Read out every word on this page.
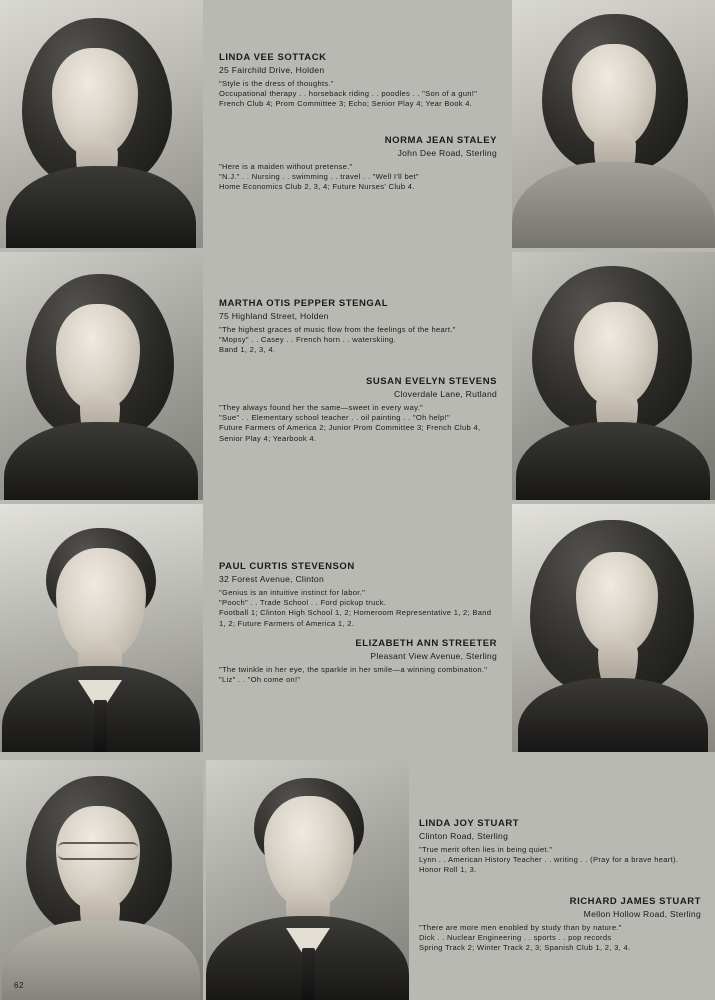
LINDA VEE SOTTACK
25 Fairchild Drive, Holden
"Style is the dress of thoughts."
Occupational therapy . . horseback riding . . poodles . . "Son of a gun!"
French Club 4; Prom Committee 3; Echo; Senior Play 4; Year Book 4.
NORMA JEAN STALEY
John Dee Road, Sterling
"Here is a maiden without pretense."
"N.J." . . Nursing . . swimming . . travel . . "Well I'll bet"
Home Economics Club 2, 3, 4; Future Nurses' Club 4.
MARTHA OTIS PEPPER STENGAL
75 Highland Street, Holden
"The highest graces of music flow from the feelings of the heart."
"Mopsy" . . Casey . . French horn . . waterskiing.
Band 1, 2, 3, 4.
SUSAN EVELYN STEVENS
Cloverdale Lane, Rutland
"They always found her the same—sweet in every way."
"Sue" . . Elementary school teacher . . oil painting . . "Oh help!"
Future Farmers of America 2; Junior Prom Committee 3; French Club 4, Senior Play 4; Yearbook 4.
PAUL CURTIS STEVENSON
32 Forest Avenue, Clinton
"Genius is an intuitive instinct for labor."
"Pooch" . . Trade School . . Ford pickup truck.
Football 1; Clinton High School 1, 2; Homeroom Representative 1, 2; Band 1, 2; Future Farmers of America 1, 2.
ELIZABETH ANN STREETER
Pleasant View Avenue, Sterling
"The twinkle in her eye, the sparkle in her smile—a winning combination."
"Liz" . . "Oh come on!"
LINDA JOY STUART
Clinton Road, Sterling
"True merit often lies in being quiet."
Lynn . . American History Teacher . . writing . . (Pray for a brave heart).
Honor Roll 1, 3.
RICHARD JAMES STUART
Mellon Hollow Road, Sterling
"There are more men enobled by study than by nature."
Dick . . Nuclear Engineering . . sports . . pop records
Spring Track 2; Winter Track 2, 3; Spanish Club 1, 2, 3, 4.
62
